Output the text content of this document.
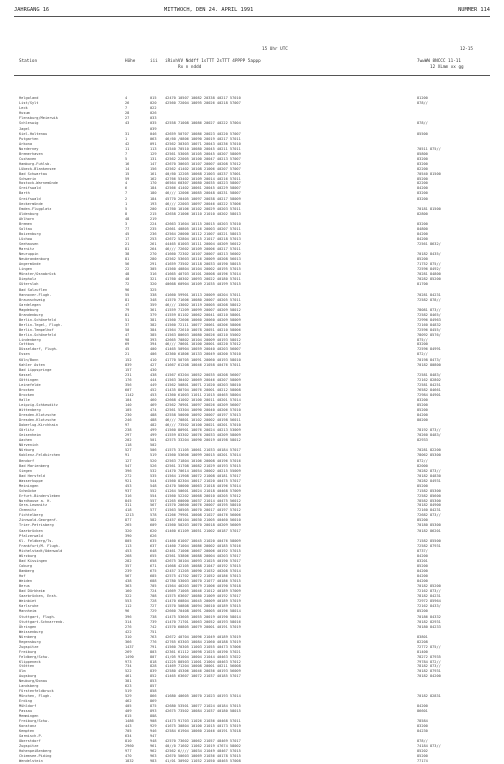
JAHRGANG 16	MITTWOCH, DEN 24. APRIL 1991	NUMMER 114
15 Uhr UTC	12-15
Station	Höhe	iii iRixhVV Nddff 1sTTT 2sTTT 4PPPP 5appp
Rx n nddd
7wwWW 8NCCC 11-11
12 XLmm xx gg
Helgoland	4	015 42470 10507 10082 20338 40217 57010	81200
List/Sylt	26	020 42560 72004 10095 20026 40218 57007	878//
Leck	7	022
Husum	28	026
Flensburg/Meierwik	27	033
Schleswig	43	035 42558 71008 10086 20027 40222 57004	878//
Jagel	039
Kiel-Holtenau	31	046 42659 50707 10086 20023 40220 57007	85500
Putgarten	1	063 46/60 /0806 10090 20019 40217 57011
Arkona	42	091 42562 30303 10071 20043 40236 57010
Norderney	11	113 41540 70510 10080 20045 40211 57011	70511 875//
Bremerhaven	7	129 42561 53005 10105 20045 40207 58009	85800
Cuxhaven	5	131 42562 22005 10100 20047 40213 57007	83200
Hamburg-Fuhlsb.	16	147 42670 30603 10107 20007 40208 57012	83200
Lübeck-Blankensee	14	156 42562 41402 10108 21006 40207 57007	82200
Bad Schwartau	15	161 40/60 12205 10068 21003 40237 57001	70540 81500
Schwerin	59	162 42766 53402 10109 20014 40216 57011	85200
Rostock-Warnemünde	4	170 46564 60307 10080 20035 40223 58007	82200
Greifswald	6	184 42566 41402 10061 20045 40229 58007	84200
Barth	7	180 46/// 12006 10085 20048 40231 58007	83200
Greifswald	2	184 45770 20405 10097 20038 40217 58009	83200
Ueckermünde	1	193 46/// 22003 10097 20046 40222 57006
Emden-Flugplatz	5	200 41760 10106 10102 20029 40203 57011	70181 81500
Oldenburg	8	215 42658 21006 10110 21010 40202 58013	82800
Ahlhorn	48	219
Bremen	3	224 42663 31604 10115 20015 40203 57010	83200
Soltau	77	235 42661 40805 10116 20003 40207 57011	84800
Boizenburg	45	236 42564 20000 10112 21007 40221 58013	84200
Lüchow	17	253 42672 52804 10115 21017 40218 57013	84200
Seehausen	21	261 44465 81003 10111 20004 40209 56012	72561 8632/
Marnitz	81	264 46/// 72602 10109 20006 40217 57011
Neuruppin	38	270 41660 72302 10107 20007 40213 56002	70182 8435/
Neubrandenburg	81	280 42562 53603 10116 20009 40208 56013	85200
Angermünde	56	291 41659 73502 10118 20033 40190 58015	71752 875//
Lingen	22	305 41560 40804 10104 20002 40195 57015	72596 8492/
Münster/Osnabrück	48	316 41665 40703 10101 20008 40196 57014	70281 84800
Diepholz	40	321 41760 40302 10093 20022 40180 57011	70282 85200
Gütersloh	72	320 40668 60904 10109 21035 40199 57015	81700
Bad Salzuflen	96	325
Hannover-Flugh.	55	338 41660 59901 10113 20009 40204 57011	70281 84231
Braunschweig	81	348 41570 71606 10080 20007 40205 57011	72582 878//
Gardelegen	47	359 46/// 13002 10119 20005 40208 58012
Magdeburg	79	361 41559 71209 10099 20007 40209 58012	78081 873//
Brandenburg	81	379 41559 81102 10062 20041 40210 58001	72582 8465/
Berlin-Schönefeld	51	381 41560 72606 10060 20060 40209 58009	72996 84963
Berlin-Tegel, Flugh.	37	382 41560 72111 10077 20061 40206 58006	72160 84832
Berlin-Tempelhof	50	384 41564 72610 10078 20051 40210 58006	72596 8455/
Berlin-Schönefeld	47	385 41563 80603 10080 20026 40210 55002	78092 8576/
Lindenberg	98	393 42665 70802 10104 20009 40193 58012	875//
Cottbus	69	394 46/// 70601 10100 20001 40220 57012	83200
Düsseldorf, Flugh.	45	400 41465 50904 10059 20040 40203 56007	72596 84991
Essen	21	406 42360 61806 10133 20049 40200 57010	872//
Köln/Bonn	152	410 41770 50705 10091 20060 40193 58010	70198 8473/
Kahler Asten	839	427 41667 61208 10046 21058 40476 57011	70182 80800
Bad Lippspringe	157	430
Kassel	231	438 41567 63204 10052 20035 40208 56007	72581 8483/
Göttingen	176	444 41563 30402 10069 20046 40207 58009	72162 82802
Leinefelde	356	449 41562 50801 10071 21020 40203 58010	72581 84251
Brocken	607	452 41435 80704 10076 20001 40212 58008	76582 84661
Brocken	1142	453 41360 61003 11011 21015 40465 58004	72984 84901
Halle	104	460 42668 41002 10100 20011 40201 57014	83200
Leipzig-Schkeuditz	140	469 42562 70901 10097 20026 40209 56007	85200
Wittenberg	105	474 42561 53304 10090 20040 40206 57010	85200
Dresden-Klotzsche	230	488 42558 50000 10092 20007 40197 57013	84200
Dresden-Klotzsche	246	488 46/// 70801 10102 20002 40198 56011	80200
Doberlug-Kirchhain	97	482 46/// 73502 10100 20021 40201 57010
Görlitz	238	499 41560 80901 10076 20024 40213 53009	78192 873//
Geisenheim	297	499 41559 83302 10076 20033 40209 58009	70260 8483/
Aachen	202	501 42575 33204 10090 20019 40198 58012	82933
Nörvenich	118	502
Nürburg	527	506 41575 31105 10061 21033 40184 57017	70281 82200
Koblenz-Feldkirchen	91	519 41560 53606 10099 20015 40201 57014	78062 85300
Bendorf	127	520 42563 71804 10106 20008 40196 57016	872//
Bad Marienberg	547	526 42561 31708 10082 21029 40193 57015	82000
Siegen	396	532 41470 70614 10054 20002 40215 55009	70282 873//
Bad Hersfeld	272	535 41564 11908 10072 21008 40181 57017	70182 84830
Wasserkuppe	921	544 41560 82304 10017 21020 40475 57017	70282 84931
Meiningen	453	548 42470 50000 10063 21018 40196 57014	85200
Schmücke	937	552 41264 50601 10024 21018 40468 57009	71582 85300
Erfurt-Bindersleben	316	554 41560 52202 10068 20010 40205 57012	72582 85600
Nordhause a. H.	845	557 41265 60000 10037 21014 40475 56012	78582 85300
Gera-Leumnitz	311	567 41570 20600 10076 20007 40195 58010	70182 84900
Chemnitz	418	577 41563 50505 10070 20017 40197 57012	72160 84231
Fichtelberg	1213	578 41266 79901 10008 21027 40476 56006	72682 873//
Zinnwald-Georgenf.	877	582 42457 60104 10030 21005 40460 56010	85200
Trier-Petrisberg	265	609 41560 50203 10070 20018 40209 56009	70180 85300
Saarbrücken	320	620 41460 61109 10051 21002 40187 57017	70182 86201
Pfalzerwald	390	626
Kl. Feldberg/Ts.	805	635 41460 61007 10045 21020 40476 58009	71582 85500
Frankfurt/M. Flugh.	113	637 41460 71004 10086 20002 40185 57016	72582 87931
Michelstadt/Odenwald	453	648 42461 71006 10067 20006 40192 57015	8737/
Würzburg	268	655 42561 53806 10088 20004 40203 57017	84200
Bad Kissingen	282	658 42675 30104 10093 21025 40190 57017	83201
Coburg	357	671 41668 42105 10088 21047 40192 57015	85200
Bamberg	239	675 42457 31205 10090 21032 40208 57014	84200
Hof	567	685 42575 41702 10072 21052 40186 57013	84200
Weiden	438	688 42780 53003 10070 21077 40186 57015	84200
Berus	363	705 41564 40203 10079 21006 40190 57018	70182 85200
Bad Dürkheim	160	724 41669 71005 10046 21012 40189 57009	72162 873//
Saarbrücken, Ensh.	322	708 41575 63607 10080 21009 40192 57017	78182 84231
Weinbiet	553	728 41470 60804 10045 20009 40189 57019	72972 85964
Karlsruhe	112	727 41570 50808 10094 20010 40189 57015	72162 8433/
Mannheim	96	729 42660 70408 10091 20005 40196 58014	85200
Stuttgart, Flugh.	396	738 41475 53605 10055 20019 40190 58014	70186 84332
Stuttgart-Schnarrenb.	314	739 41470 71701 10063 20052 40193 58016	70182 82931
Öhringen	276	742 41570 60805 10079 20001 40191 57019	70180 84233
Weissenburg	422	751
Nürnberg	310	763 42672 40704 10096 21049 40189 57019	83801
Regensburg	366	776 42765 63303 10084 21060 40188 57019	82208
Zugspitze	1437	791 41560 70305 11003 21055 40473 57006	72772 875//
Freiburg	269	803 42361 61112 10098 21025 40190 57021	81400
Feldberg/Schw.	1490	807 41/05 91004 10004 21044 40463 57022	78272 87935
Klippeneck	973	818 41225 80503 11001 21004 40463 57012	79784 872//
Stötten	734	828 41469 71204 10008 20001 40211 56008	78182 873//
Ulm	522	839 42580 45306 10046 20036 40193 56009	70182 87931
Augsburg	461	852 41465 63607 10072 21037 40185 57017	70182 84200
Neuburg/Donau	381	853
Landsberg	623	857
Fürstenfeldbruck	519	858
München, Flugh.	529	866 41680 40605 10070 21023 40193 57014	70182 82831
Erding	462	869
Mühldorf	405	875 42680 53501 10077 21024 40184 57015	84200
Passau	409	893 42675 73502 10084 21037 40180 58015	86601
Memmingen	615	8ßß
Freiburg/Schw.	1486	908 41473 91703 11026 21036 40468 57011	78584
Konstanz	443	929 41675 30804 10100 21015 40173 57019	83200
Kempten	705	946 42584 61904 10060 21046 40191 57018	84230
Garmisch-P.	634	947
Oberstdorf	810	948 42570 73602 10062 21057 48469 57017	878//
Zugspitze	2960	961 40//0 71602 11062 21019 47674 58002	74184 873//
Hohenpeißenberg	977	962 42562 6//// 10034 21049 48467 57015	85202
Chiemsee-Piding	470	963 42670 50603 10069 21036 40178 57015	85200
Wendelstein	1832	983 41/01 30902 11052 21050 48465 57008	77174
